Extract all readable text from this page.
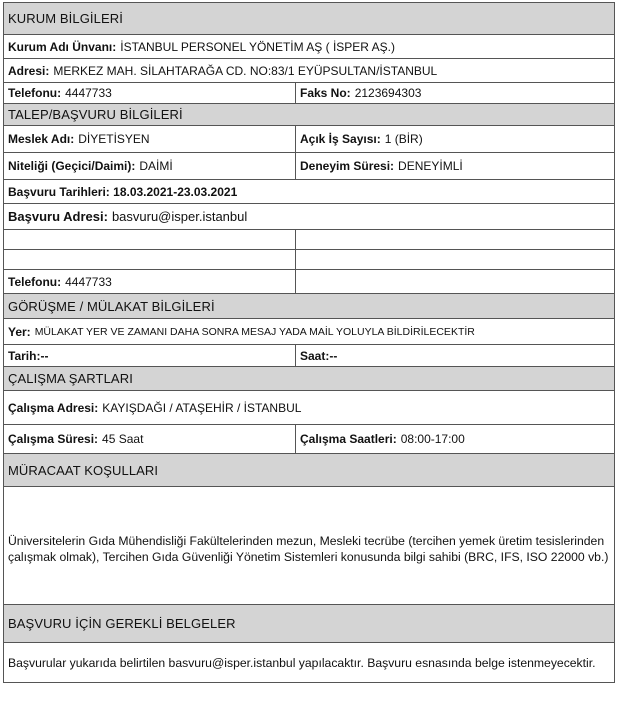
KURUM BİLGİLERİ
Kurum Adı Ünvanı: İSTANBUL PERSONEL YÖNETİM AŞ ( İSPER AŞ.)
Adresi: MERKEZ MAH. SİLAHTARAĞA CD. NO:83/1 EYÜPSULTAN/İSTANBUL
Telefonu: 4447733	Faks No: 2123694303
TALEP/BAŞVURU BİLGİLERİ
Meslek Adı: DİYETİSYEN	Açık İş Sayısı: 1 (BİR)
Niteliği (Geçici/Daimi): DAİMİ	Deneyim Süresi: DENEYİMLİ
Başvuru Tarihleri: 18.03.2021-23.03.2021
Başvuru Adresi: basvuru@isper.istanbul
Telefonu: 4447733
GÖRÜŞME / MÜLAKAT BİLGİLERİ
Yer: MÜLAKAT YER VE ZAMANI DAHA SONRA MESAJ YADA MAİL YOLUYLA BİLDİRİLECEKTİR
Tarih:--	Saat:--
ÇALIŞMA ŞARTLARI
Çalışma Adresi: KAYIŞDAĞI / ATAŞEHİR / İSTANBUL
Çalışma Süresi: 45 Saat	Çalışma Saatleri: 08:00-17:00
MÜRACAAT KOŞULLARI
Üniversitelerin Gıda Mühendisliği Fakültelerinden mezun, Mesleki tecrübe (tercihen yemek üretim tesislerinden çalışmak olmak), Tercihen Gıda Güvenliği Yönetim Sistemleri konusunda bilgi sahibi (BRC, IFS, ISO 22000 vb.)
BAŞVURU İÇİN GEREKLİ BELGELER
Başvurular yukarıda belirtilen basvuru@isper.istanbul yapılacaktır. Başvuru esnasında belge istenmeyecektir.
